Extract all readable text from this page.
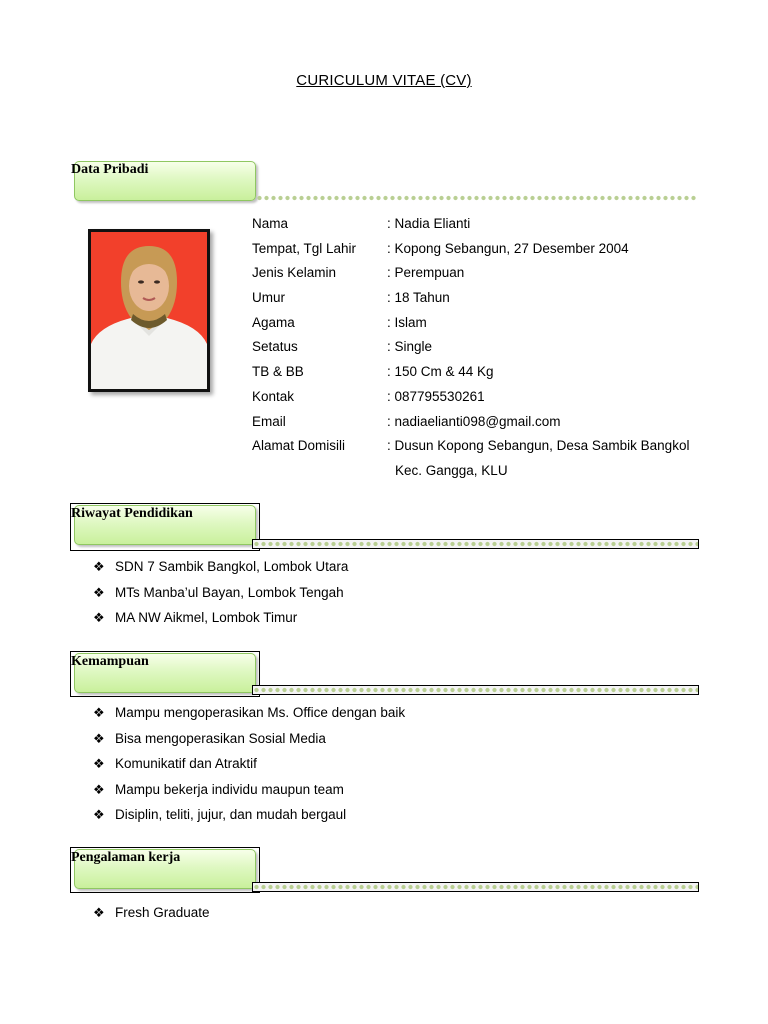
CURICULUM VITAE (CV)
Data Pribadi
Nama	: Nadia Elianti
Tempat, Tgl Lahir : Kopong Sebangun, 27 Desember 2004
Jenis Kelamin	: Perempuan
Umur	: 18 Tahun
Agama	: Islam
Setatus	: Single
TB & BB	: 150 Cm & 44 Kg
Kontak	: 087795530261
Email	: nadiaelianti098@gmail.com
Alamat Domisili	: Dusun Kopong Sebangun, Desa Sambik Bangkol
Kec. Gangga, KLU
Riwayat Pendidikan
❖ SDN 7 Sambik Bangkol, Lombok Utara
❖ MTs Manba’ul Bayan, Lombok Tengah
❖ MA NW Aikmel, Lombok Timur
Kemampuan
❖ Mampu mengoperasikan Ms. Office dengan baik
❖ Bisa mengoperasikan Sosial Media
❖ Komunikatif dan Atraktif
❖ Mampu bekerja individu maupun team
❖ Disiplin, teliti, jujur, dan mudah bergaul
Pengalaman kerja
❖ Fresh Graduate
